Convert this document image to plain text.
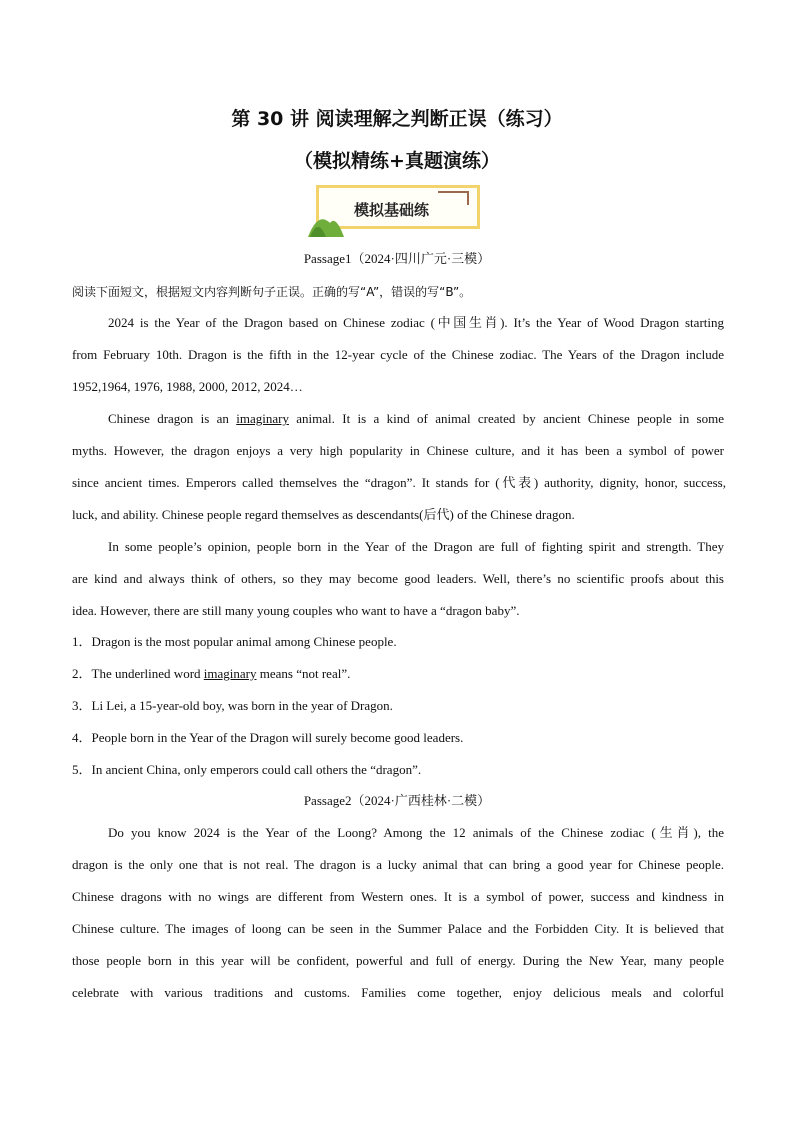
第 30 讲 阅读理解之判断正误（练习）
（模拟精练+真题演练）
模拟基础练
Passage1（2024·四川广元·三模）
阅读下面短文，根据短文内容判断句子正误。正确的写“A”，错误的写“B”。
2024 is the Year of the Dragon based on Chinese zodiac (中国生肖). It’s the Year of Wood Dragon starting
from February 10th. Dragon is the fifth in the 12-year cycle of the Chinese zodiac. The Years of the Dragon include
1952,1964, 1976, 1988, 2000, 2012, 2024…
Chinese dragon is an imaginary animal. It is a kind of animal created by ancient Chinese people in some
myths. However, the dragon enjoys a very high popularity in Chinese culture, and it has been a symbol of power
since ancient times. Emperors called themselves the “dragon”. It stands for (代表) authority, dignity, honor, success,
luck, and ability. Chinese people regard themselves as descendants(后代) of the Chinese dragon.
In some people’s opinion, people born in the Year of the Dragon are full of fighting spirit and strength. They
are kind and always think of others, so they may become good leaders. Well, there’s no scientific proofs about this
idea. However, there are still many young couples who want to have a “dragon baby”.
1．Dragon is the most popular animal among Chinese people.
2．The underlined word imaginary means “not real”.
3．Li Lei, a 15-year-old boy, was born in the year of Dragon.
4．People born in the Year of the Dragon will surely become good leaders.
5．In ancient China, only emperors could call others the “dragon”.
Passage2（2024·广西桂林·二模）
Do you know 2024 is the Year of the Loong? Among the 12 animals of the Chinese zodiac (生肖), the
dragon is the only one that is not real. The dragon is a lucky animal that can bring a good year for Chinese people.
Chinese dragons with no wings are different from Western ones. It is a symbol of power, success and kindness in
Chinese culture. The images of loong can be seen in the Summer Palace and the Forbidden City. It is believed that
those people born in this year will be confident, powerful and full of energy. During the New Year, many people
celebrate with various traditions and customs. Families come together, enjoy delicious meals and colorful
